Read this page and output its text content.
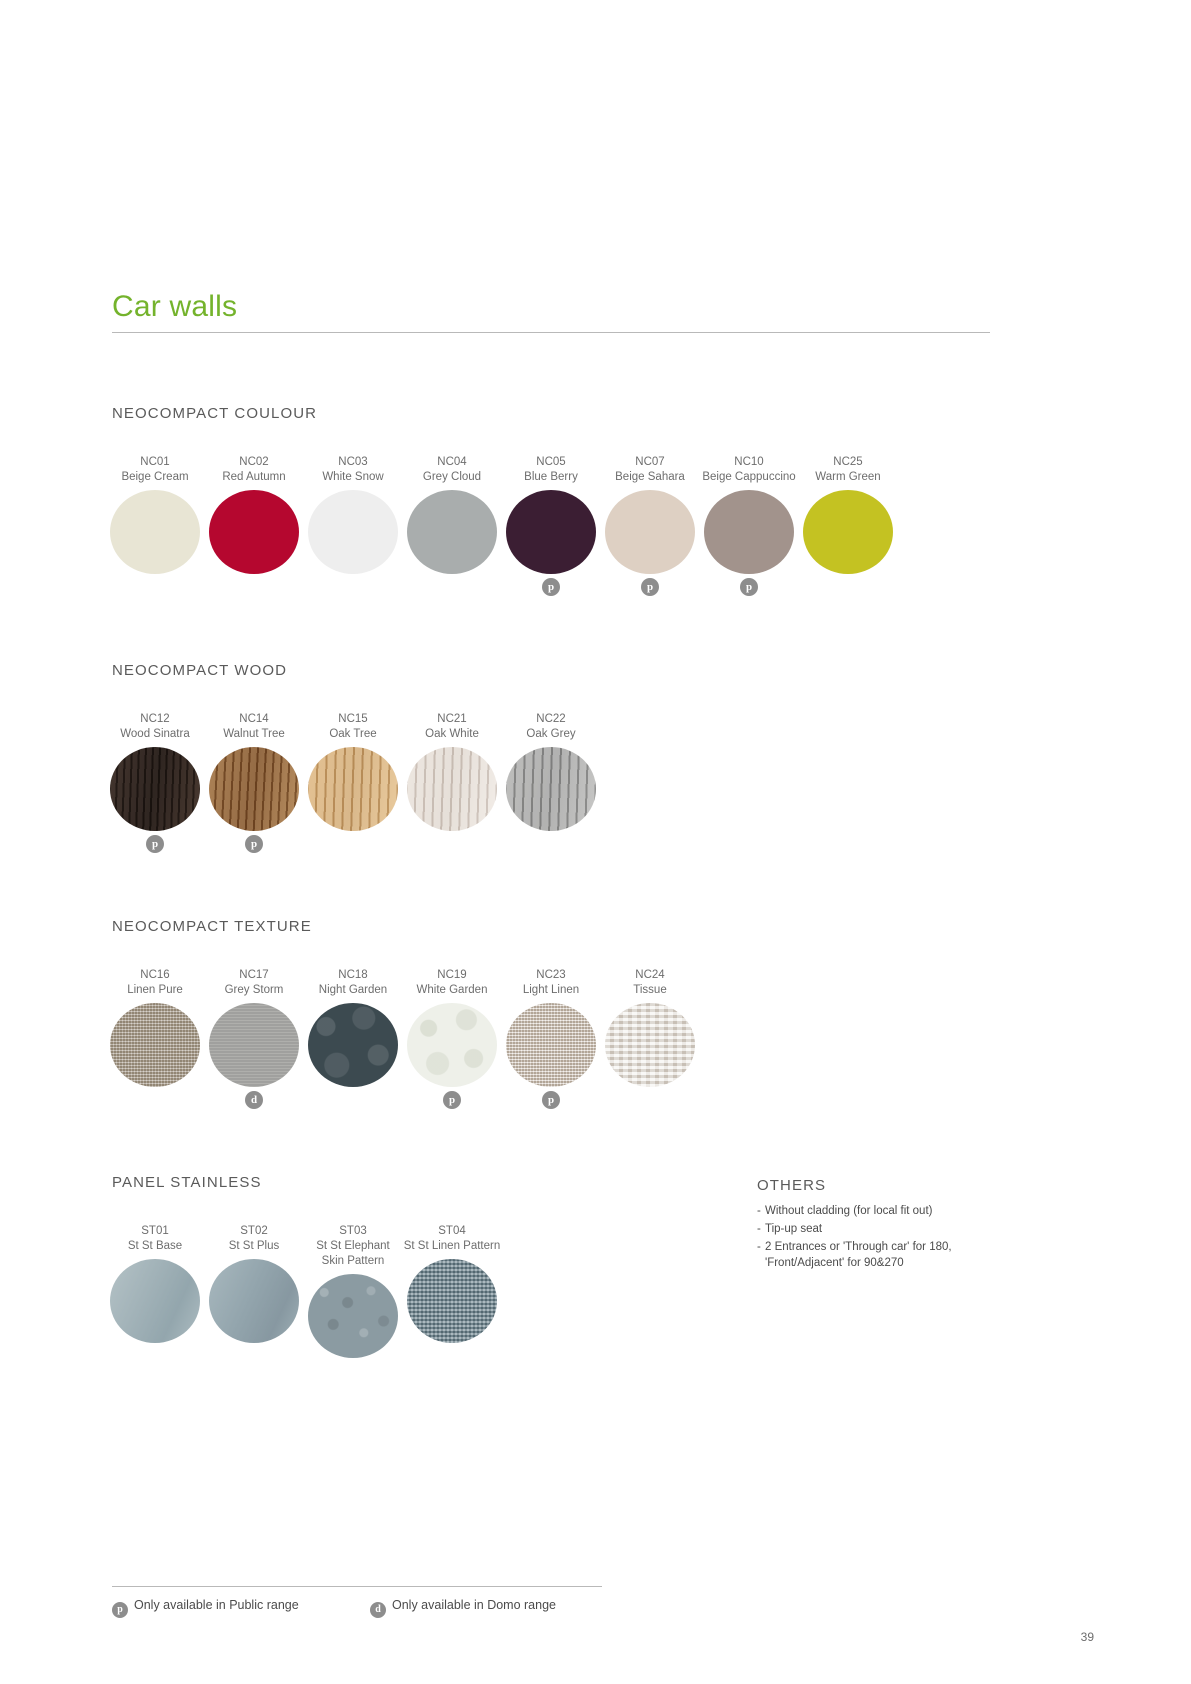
Car walls
NEOCOMPACT COULOUR
NC01
Beige Cream
NC02
Red Autumn
NC03
White Snow
NC04
Grey Cloud
NC05
Blue Berry
p
NC07
Beige Sahara
p
NC10
Beige Cappuccino
p
NC25
Warm Green
NEOCOMPACT WOOD
NC12
Wood Sinatra
p
NC14
Walnut Tree
p
NC15
Oak Tree
NC21
Oak White
NC22
Oak Grey
NEOCOMPACT TEXTURE
NC16
Linen Pure
NC17
Grey Storm
d
NC18
Night Garden
NC19
White Garden
p
NC23
Light Linen
p
NC24
Tissue
PANEL STAINLESS
ST01
St St Base
ST02
St St Plus
ST03
St St Elephant
Skin Pattern
ST04
St St Linen Pattern
OTHERS
- Without cladding (for local fit out)
- Tip-up seat
- 2 Entrances or 'Through car' for 180, 'Front/Adjacent' for 90&270
p Only available in Public range	d Only available in Domo range
39
